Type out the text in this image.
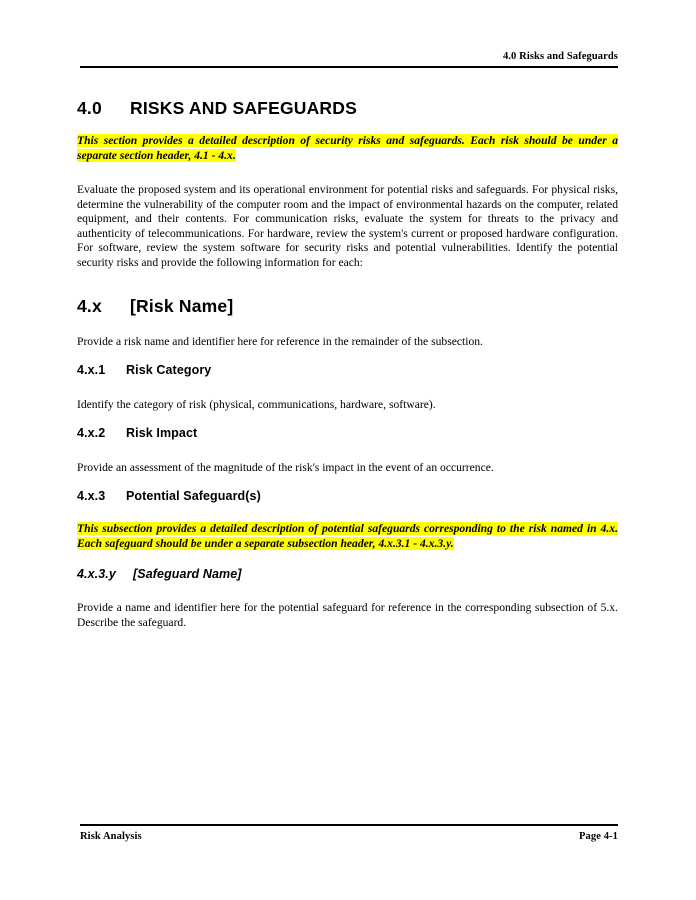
4.0 Risks and Safeguards
4.0 RISKS AND SAFEGUARDS

This section provides a detailed description of security risks and safeguards. Each risk should be under a separate section header, 4.1 - 4.x.

Evaluate the proposed system and its operational environment for potential risks and safeguards. For physical risks, determine the vulnerability of the computer room and the impact of environmental hazards on the computer, related equipment, and their contents. For communication risks, evaluate the system for threats to the privacy and authenticity of telecommunications. For hardware, review the system's current or proposed hardware configuration. For software, review the system software for security risks and potential vulnerabilities. Identify the potential security risks and provide the following information for each:

4.x [Risk Name]

Provide a risk name and identifier here for reference in the remainder of the subsection.

4.x.1 Risk Category

Identify the category of risk (physical, communications, hardware, software).

4.x.2 Risk Impact

Provide an assessment of the magnitude of the risk's impact in the event of an occurrence.

4.x.3 Potential Safeguard(s)

This subsection provides a detailed description of potential safeguards corresponding to the risk named in 4.x. Each safeguard should be under a separate subsection header, 4.x.3.1 - 4.x.3.y.

4.x.3.y [Safeguard Name]

Provide a name and identifier here for the potential safeguard for reference in the corresponding subsection of 5.x. Describe the safeguard.

Risk Analysis	Page 4-1
